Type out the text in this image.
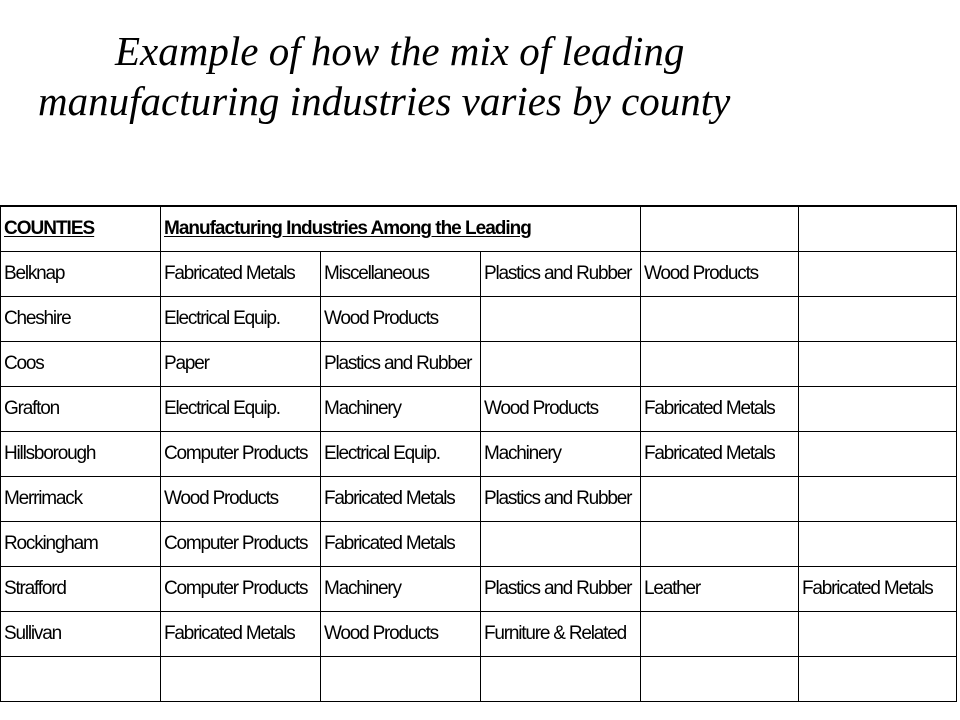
Example of how the mix of leading
manufacturing industries varies by county
COUNTIES	Manufacturing Industries Among the Leading				
Belknap	Fabricated Metals	Miscellaneous	Plastics and Rubber	Wood Products	
Cheshire	Electrical Equip.	Wood Products			
Coos	Paper	Plastics and Rubber			
Grafton	Electrical Equip.	Machinery	Wood Products	Fabricated Metals	
Hillsborough	Computer Products	Electrical Equip.	Machinery	Fabricated Metals	
Merrimack	Wood Products	Fabricated Metals	Plastics and Rubber		
Rockingham	Computer Products	Fabricated Metals			
Strafford	Computer Products	Machinery	Plastics and Rubber	Leather	Fabricated Metals
Sullivan	Fabricated Metals	Wood Products	Furniture & Related		
